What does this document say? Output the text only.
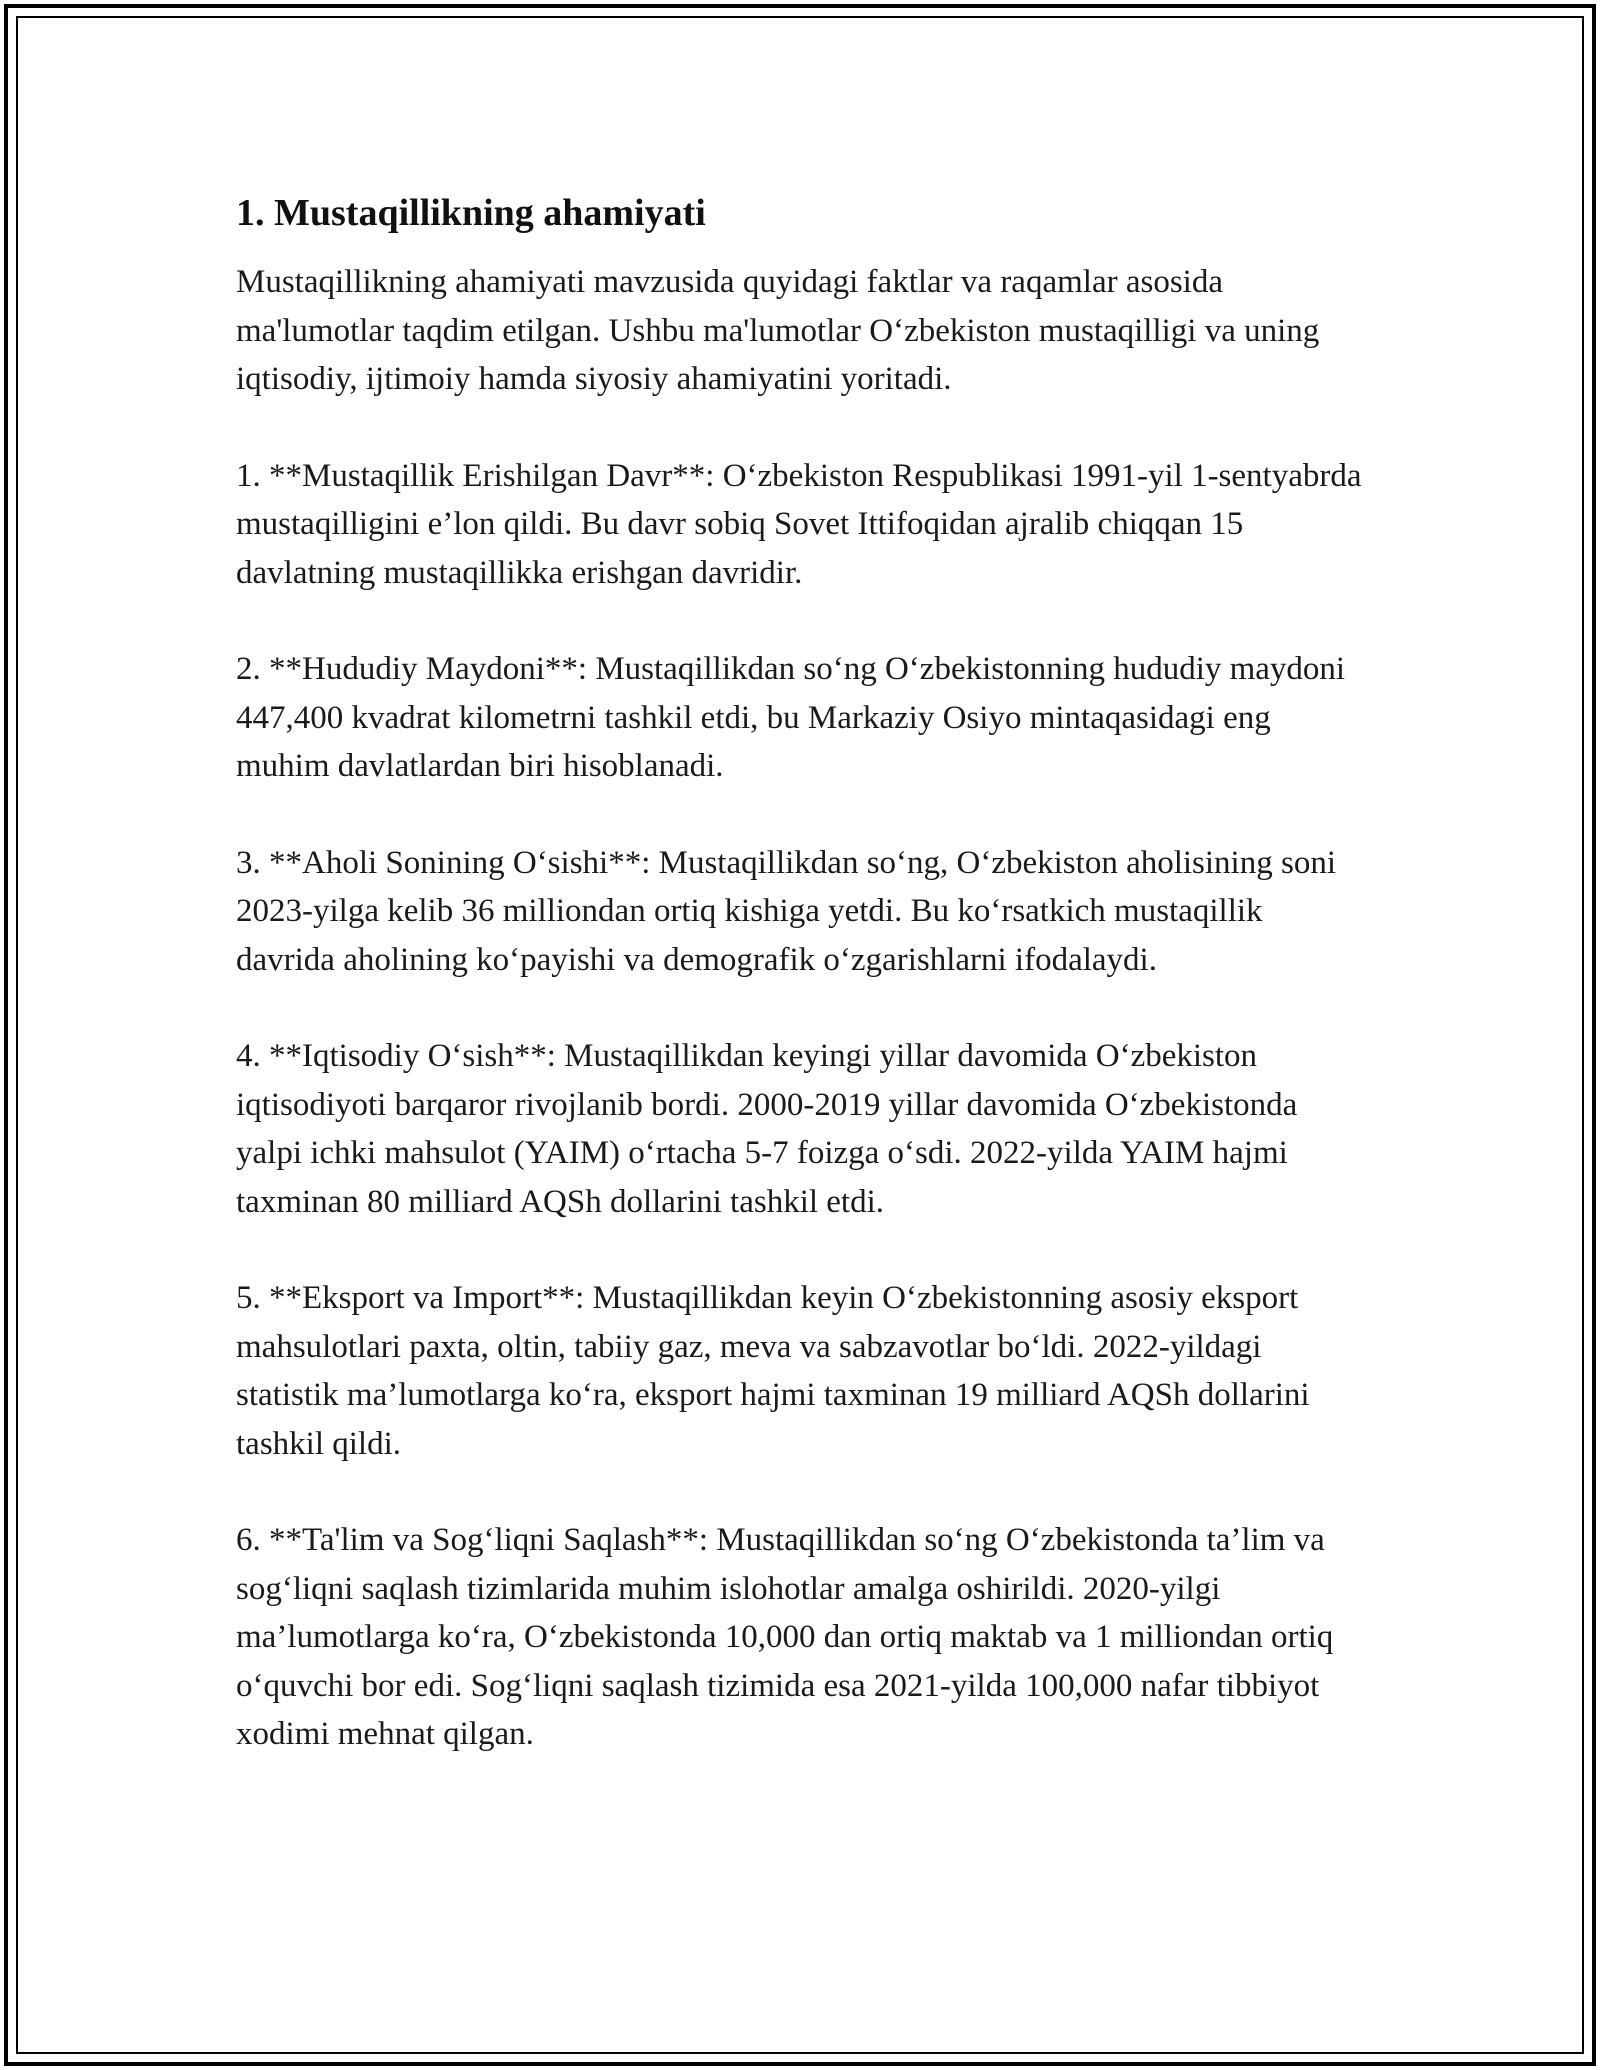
1. Mustaqillikning ahamiyati

Mustaqillikning ahamiyati mavzusida quyidagi faktlar va raqamlar asosida ma'lumotlar taqdim etilgan. Ushbu ma'lumotlar O‘zbekiston mustaqilligi va uning iqtisodiy, ijtimoiy hamda siyosiy ahamiyatini yoritadi.

1. **Mustaqillik Erishilgan Davr**: O‘zbekiston Respublikasi 1991-yil 1-sentyabrda mustaqilligini e’lon qildi. Bu davr sobiq Sovet Ittifoqidan ajralib chiqqan 15 davlatning mustaqillikka erishgan davridir.

2. **Hududiy Maydoni**: Mustaqillikdan so‘ng O‘zbekistonning hududiy maydoni 447,400 kvadrat kilometrni tashkil etdi, bu Markaziy Osiyo mintaqasidagi eng muhim davlatlardan biri hisoblanadi.

3. **Aholi Sonining O‘sishi**: Mustaqillikdan so‘ng, O‘zbekiston aholisining soni 2023-yilga kelib 36 milliondan ortiq kishiga yetdi. Bu ko‘rsatkich mustaqillik davrida aholining ko‘payishi va demografik o‘zgarishlarni ifodalaydi.

4. **Iqtisodiy O‘sish**: Mustaqillikdan keyingi yillar davomida O‘zbekiston iqtisodiyoti barqaror rivojlanib bordi. 2000-2019 yillar davomida O‘zbekistonda yalpi ichki mahsulot (YAIM) o‘rtacha 5-7 foizga o‘sdi. 2022-yilda YAIM hajmi taxminan 80 milliard AQSh dollarini tashkil etdi.

5. **Eksport va Import**: Mustaqillikdan keyin O‘zbekistonning asosiy eksport mahsulotlari paxta, oltin, tabiiy gaz, meva va sabzavotlar bo‘ldi. 2022-yildagi statistik ma’lumotlarga ko‘ra, eksport hajmi taxminan 19 milliard AQSh dollarini tashkil qildi.

6. **Ta'lim va Sog‘liqni Saqlash**: Mustaqillikdan so‘ng O‘zbekistonda ta’lim va sog‘liqni saqlash tizimlarida muhim islohotlar amalga oshirildi. 2020-yilgi ma’lumotlarga ko‘ra, O‘zbekistonda 10,000 dan ortiq maktab va 1 milliondan ortiq o‘quvchi bor edi. Sog‘liqni saqlash tizimida esa 2021-yilda 100,000 nafar tibbiyot xodimi mehnat qilgan.
